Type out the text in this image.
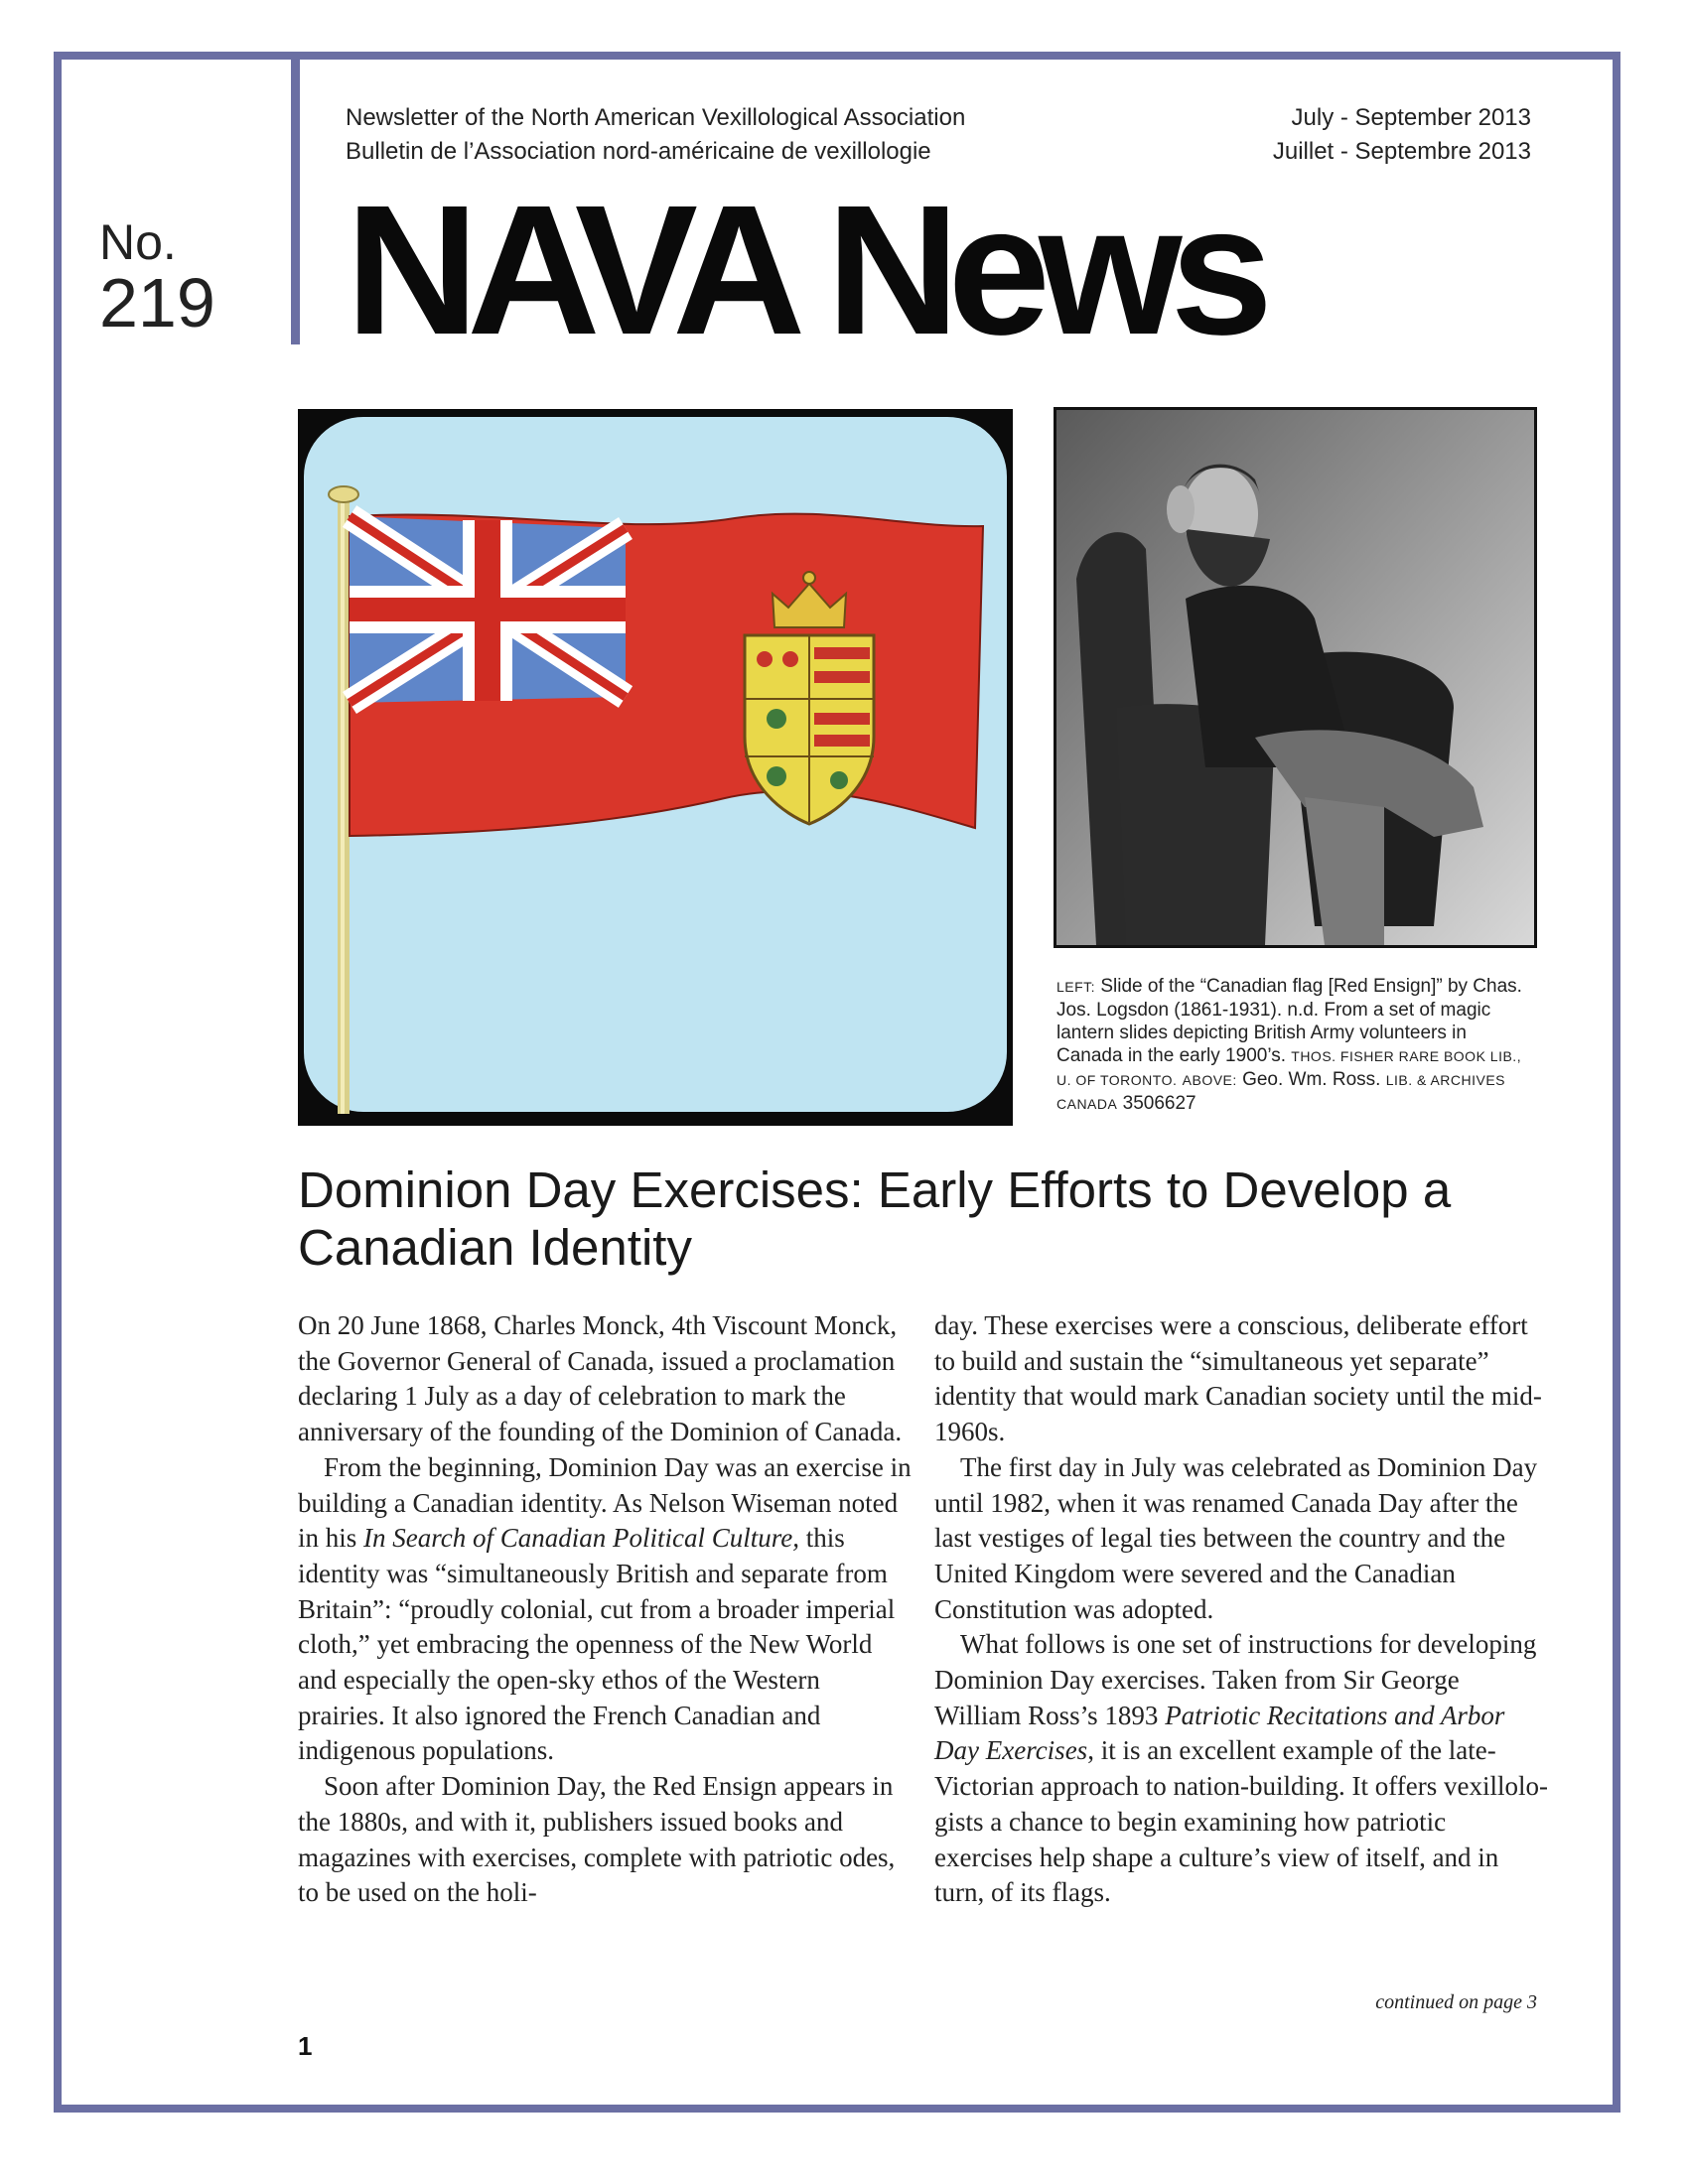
Newsletter of the North American Vexillological Association
Bulletin de l’Association nord-américaine de vexillologie
July - September 2013
Juillet - Septembre 2013
No.
219 NAVA News
LEFT: Slide of the “Canadian flag [Red Ensign]” by Chas. Jos. Logsdon (1861-1931). n.d. From a set of magic lantern slides depicting British Army volunteers in Canada in the early 1900’s. THOS. FISHER RARE BOOK LIB., U. OF TORONTO. ABOVE: Geo. Wm. Ross. LIB. & ARCHIVES CANADA 3506627
Dominion Day Exercises: Early Efforts to Develop a Canadian Identity

On 20 June 1868, Charles Monck, 4th Viscount Monck, the Governor General of Canada, issued a proclamation declaring 1 July as a day of celebration to mark the anniversary of the founding of the Dominion of Canada.

From the beginning, Dominion Day was an exercise in building a Canadian identity. As Nelson Wiseman noted in his In Search of Canadian Political Culture, this identity was “simultaneously British and separate from Britain”: “proudly colonial, cut from a broader imperial cloth,” yet embracing the openness of the New World and especially the open-sky ethos of the Western prairies. It also ignored the French Canadian and indigenous populations.

Soon after Dominion Day, the Red Ensign appears in the 1880s, and with it, publishers issued books and magazines with exercises, complete with patriotic odes, to be used on the holi-

day. These exercises were a conscious, deliberate effort to build and sustain the “simultaneous yet separate” identity that would mark Canadian society until the mid-1960s.

The first day in July was celebrated as Dominion Day until 1982, when it was renamed Canada Day after the last vestiges of legal ties between the country and the United Kingdom were severed and the Canadian Constitution was adopted.

What follows is one set of instructions for developing Dominion Day exercises. Taken from Sir George William Ross’s 1893 Patriotic Recitations and Arbor Day Exercises, it is an excellent example of the late-Victorian approach to nation-building. It offers vexillologists a chance to begin examining how patriotic exercises help shape a culture’s view of itself, and in turn, of its flags.

continued on page 3
1
